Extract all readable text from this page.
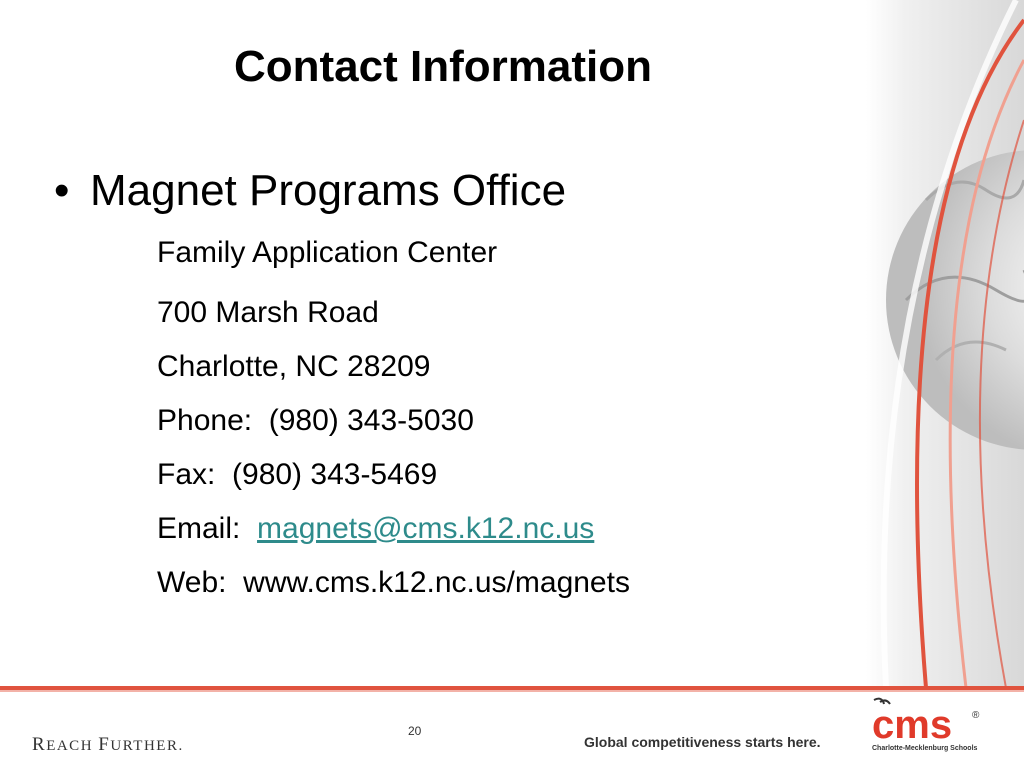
Contact Information
• Magnet Programs Office
Family Application Center
700 Marsh Road
Charlotte, NC 28209
Phone:  (980) 343-5030
Fax:  (980) 343-5469
Email:  magnets@cms.k12.nc.us
Web:  www.cms.k12.nc.us/magnets
REACH FURTHER.
20
Global competitiveness starts here. cms ®
Charlotte-Mecklenburg Schools
